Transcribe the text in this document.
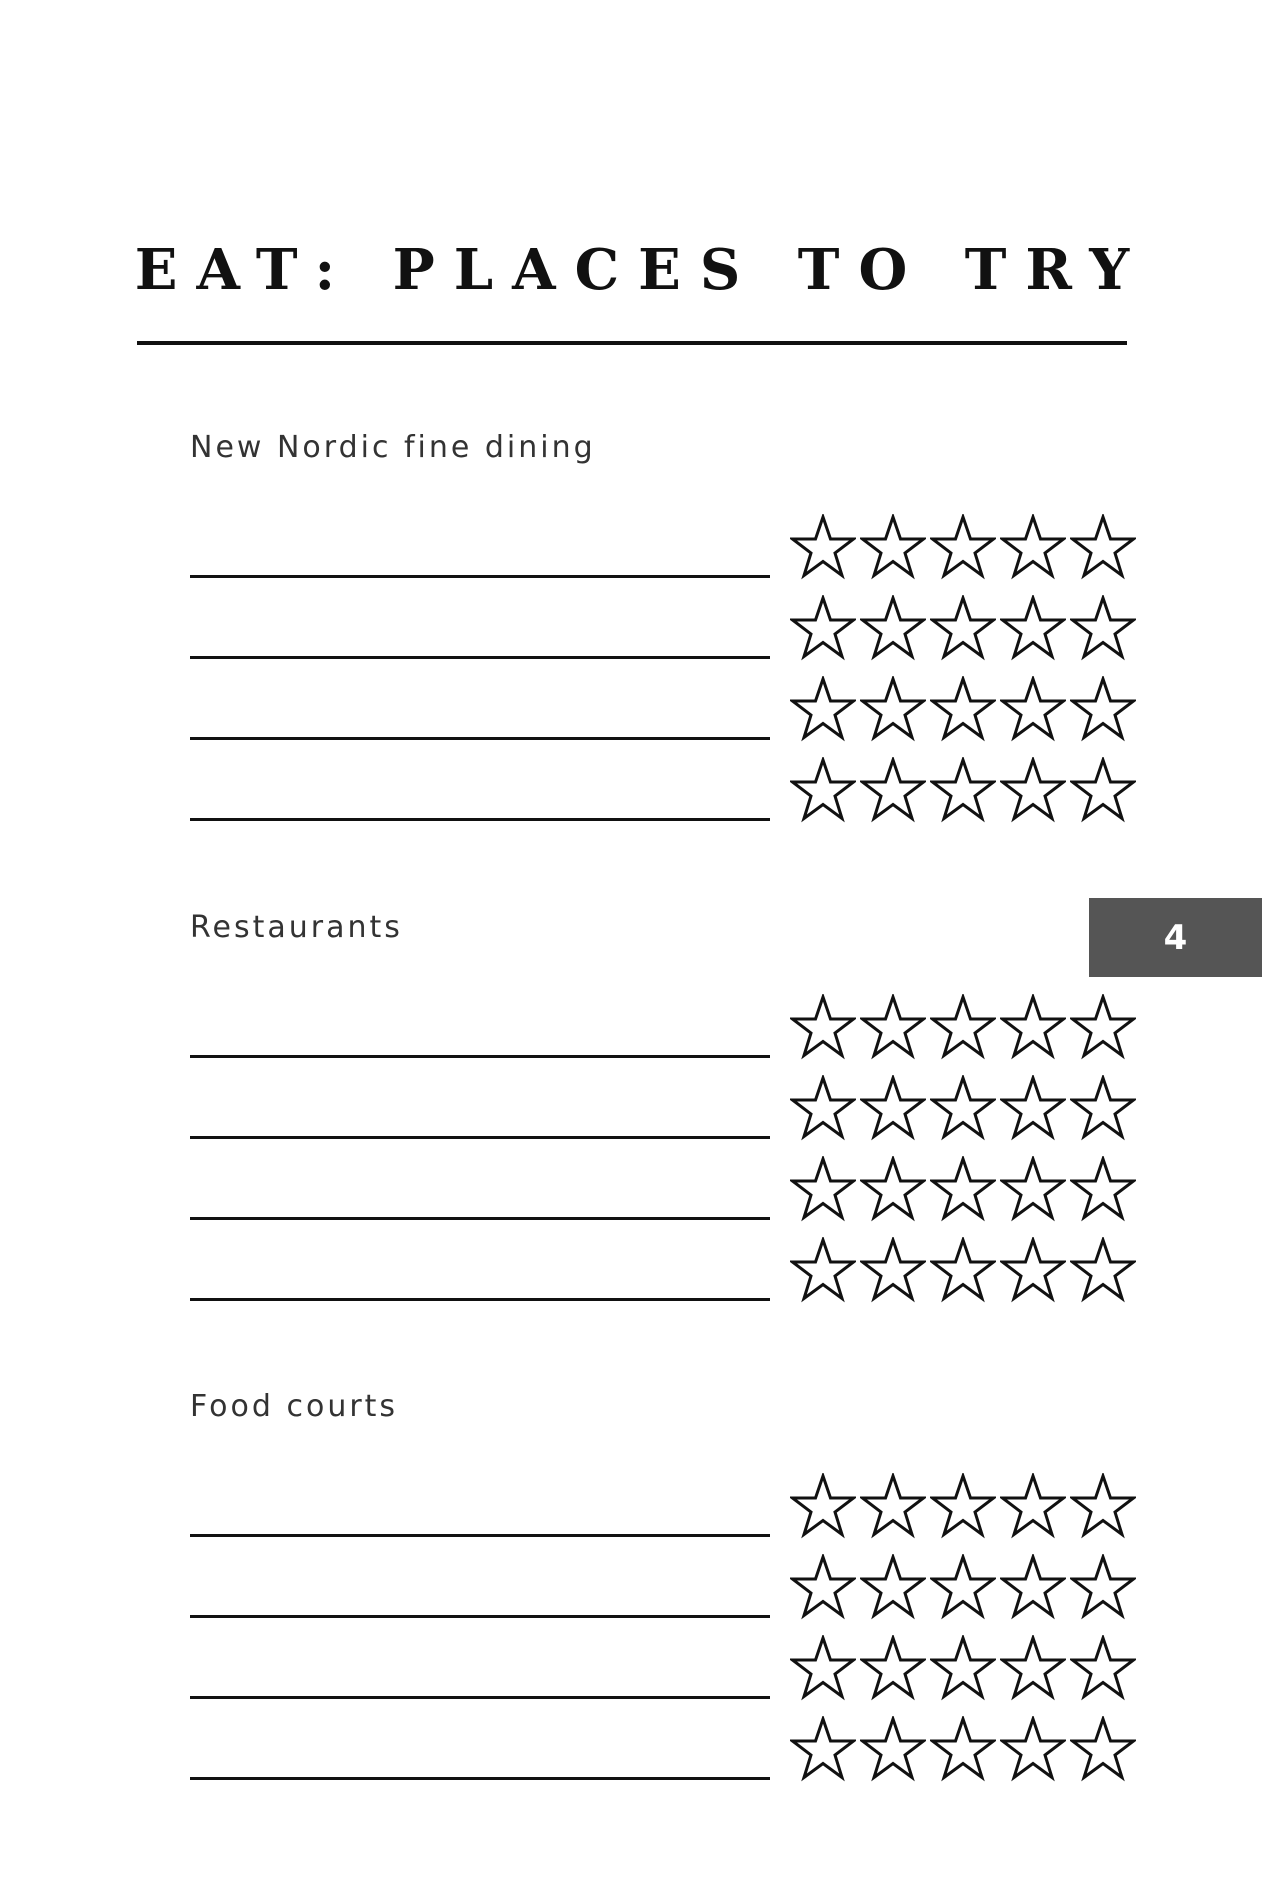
EAT: PLACES TO TRY
4
New Nordic fine dining
Restaurants
Food courts
